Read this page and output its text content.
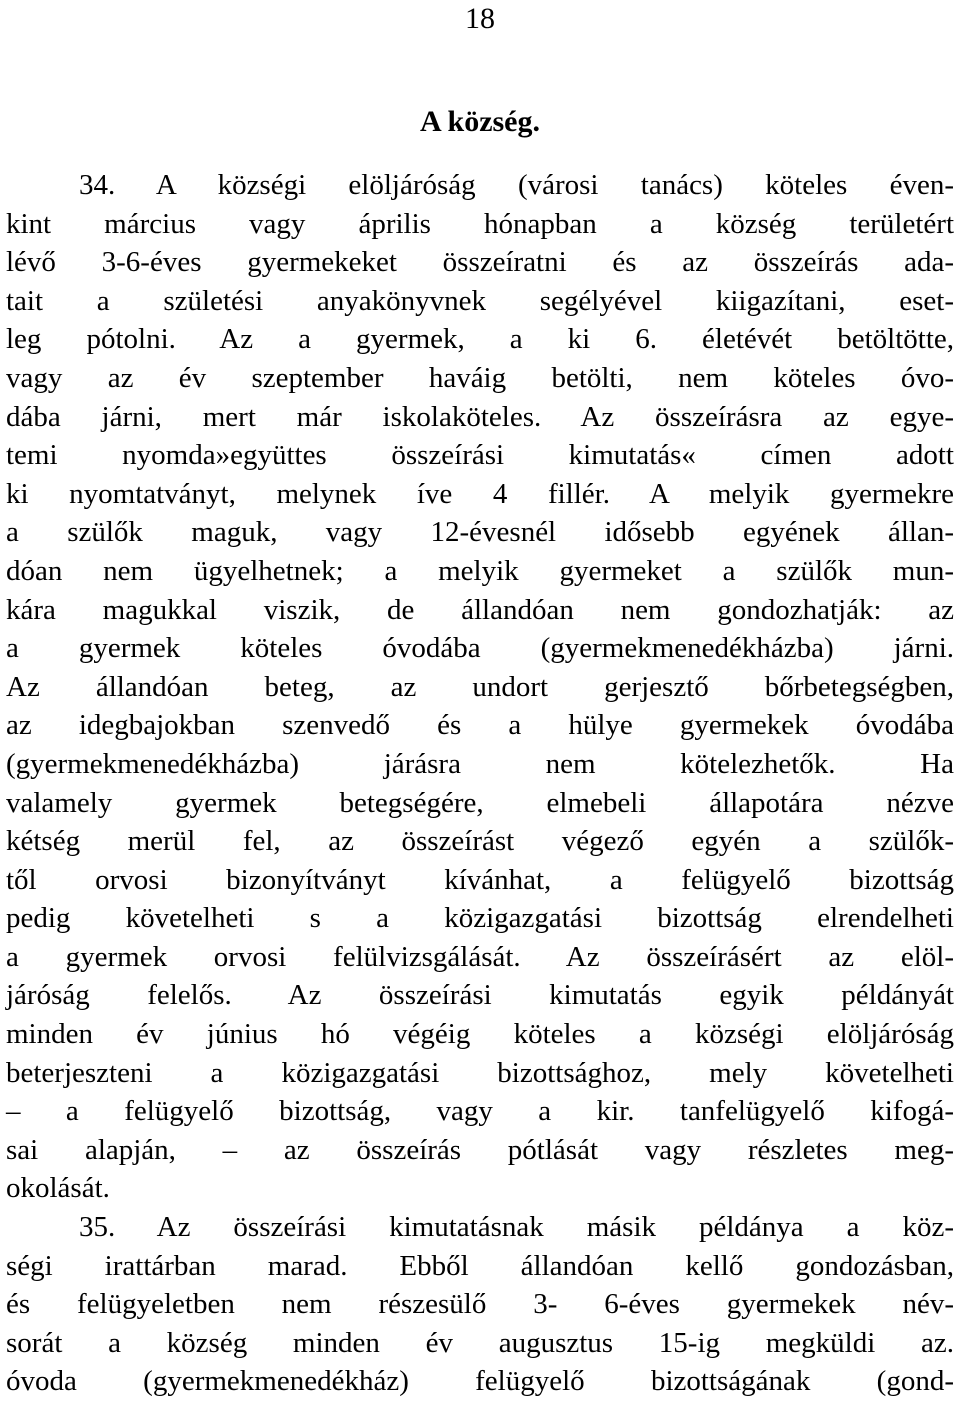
18
A község.
34. A községi elöljáróság (városi tanács) köteles éven-
kint március vagy április hónapban a község területért
lévő 3-6-éves gyermekeket összeíratni és az összeírás ada-
tait a születési anyakönyvnek segélyével kiigazítani, eset-
leg pótolni. Az a gyermek, a ki 6. életévét betöltötte,
vagy az év szeptember haváig betölti, nem köteles óvo-
dába járni, mert már iskolaköteles. Az összeírásra az egye-
temi nyomda»együttes összeírási kimutatás« címen adott
ki nyomtatványt, melynek íve 4 fillér. A melyik gyermekre
a szülők maguk, vagy 12-évesnél idősebb egyének állan-
dóan nem ügyelhetnek; a melyik gyermeket a szülők mun-
kára magukkal viszik, de állandóan nem gondozhatják: az
a gyermek köteles óvodába (gyermekmenedékházba) járni.
Az állandóan beteg, az undort gerjesztő bőrbetegségben,
az idegbajokban szenvedő és a hülye gyermekek óvodába
(gyermekmenedékházba) járásra nem kötelezhetők. Ha
valamely gyermek betegségére, elmebeli állapotára nézve
kétség merül fel, az összeírást végező egyén a szülők-
től orvosi bizonyítványt kívánhat, a felügyelő bizottság
pedig követelheti s a közigazgatási bizottság elrendelheti
a gyermek orvosi felülvizsgálását. Az összeírásért az elöl-
járóság felelős. Az összeírási kimutatás egyik példányát
minden év június hó végéig köteles a községi elöljáróság
beterjeszteni a közigazgatási bizottsághoz, mely követelheti
– a felügyelő bizottság, vagy a kir. tanfelügyelő kifogá-
sai alapján, – az összeírás pótlását vagy részletes meg-
okolását.
35. Az összeírási kimutatásnak másik példánya a köz-
ségi irattárban marad. Ebből állandóan kellő gondozásban,
és felügyeletben nem részesülő 3- 6-éves gyermekek név-
sorát a község minden év augusztus 15-ig megküldi az.
óvoda (gyermekmenedékház) felügyelő bizottságának (gond-
